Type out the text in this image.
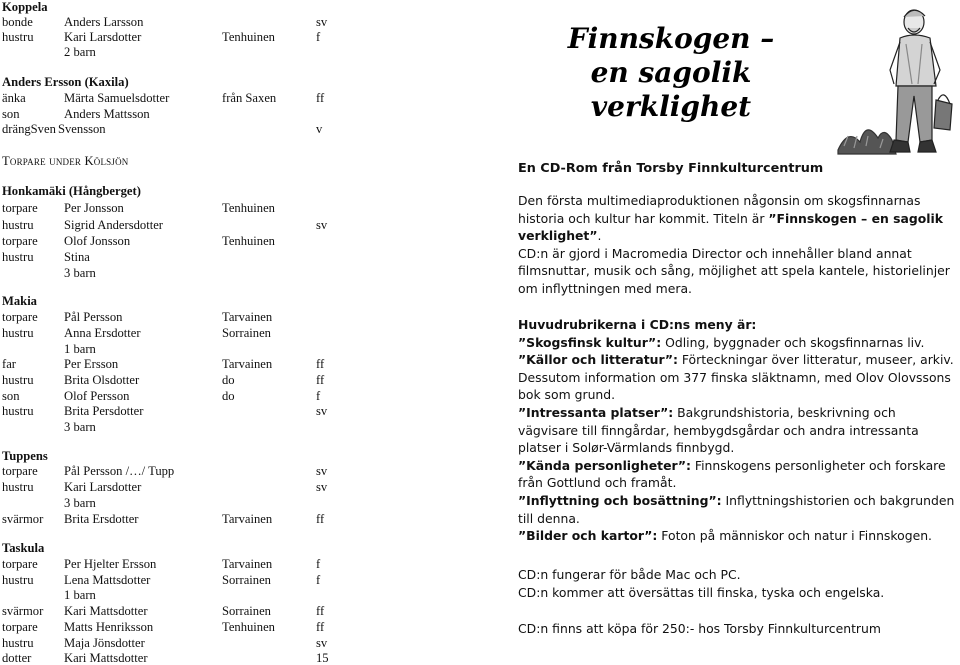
Koppela
bonde Anders Larsson	sv
hustru Kari Larsdotter	Tenhuinen	f
2 barn
Anders Ersson (Kaxila)
änka	Märta Samuelsdotter	från Saxen	ff
son	Anders Mattsson
drängSven Svensson	v
Torpare under Kölsjön
Honkamäki (Hångberget)
torpare Per Jonsson	Tenhuinen
hustru Sigrid Andersdotter	sv
torpare Olof Jonsson	Tenhuinen
hustru Stina
3 barn
Makia
torpare Pål Persson	Tarvainen
hustru Anna Ersdotter	Sorrainen
1 barn
far	Per Ersson	Tarvainen	ff
hustru Brita Olsdotter	do	ff
son	Olof Persson	do	f
hustru Brita Persdotter	sv
3 barn
Tuppens
torpare Pål Persson /…/ Tupp	sv
hustru Kari Larsdotter	sv
3 barn
svärmor Brita Ersdotter	Tarvainen	ff
Taskula
torpare Per Hjelter Ersson	Tarvainen	f
hustru Lena Mattsdotter	Sorrainen	f
1 barn
svärmor Kari Mattsdotter	Sorrainen	ff
torpare Matts Henriksson	Tenhuinen	ff
hustru Maja Jönsdotter	sv
dotter	Kari Mattsdotter	15
Finnskogen –
en sagolik verklighet
En CD-Rom från Torsby Finnkulturcentrum

Den första multimediaproduktionen någonsin om skogsfinnarnas historia och kultur har kommit. Titeln är ”Finnskogen – en sagolik verklighet”.

CD:n är gjord i Macromedia Director och innehåller bland annat filmsnuttar, musik och sång, möjlighet att spela kantele, historielinjer om inflyttningen med mera.

Huvudrubrikerna i CD:ns meny är:

”Skogsfinsk kultur”: Odling, byggnader och skogsfinnarnas liv.

”Källor och litteratur”: Förteckningar över litteratur, museer, arkiv. Dessutom information om 377 finska släktnamn, med Olov Olovssons bok som grund.

”Intressanta platser”: Bakgrundshistoria, beskrivning och vägvisare till finngårdar, hembygdsgårdar och andra intressanta platser i Solør-Värmlands finnbygd.

”Kända personligheter”: Finnskogens personligheter och forskare från Gottlund och framåt.

”Inflyttning och bosättning”: Inflyttningshistorien och bakgrunden till denna.

”Bilder och kartor”: Foton på människor och natur i Finnskogen.

CD:n fungerar för både Mac och PC.

CD:n kommer att översättas till finska, tyska och engelska.

CD:n finns att köpa för 250:- hos Torsby Finnkulturcentrum
